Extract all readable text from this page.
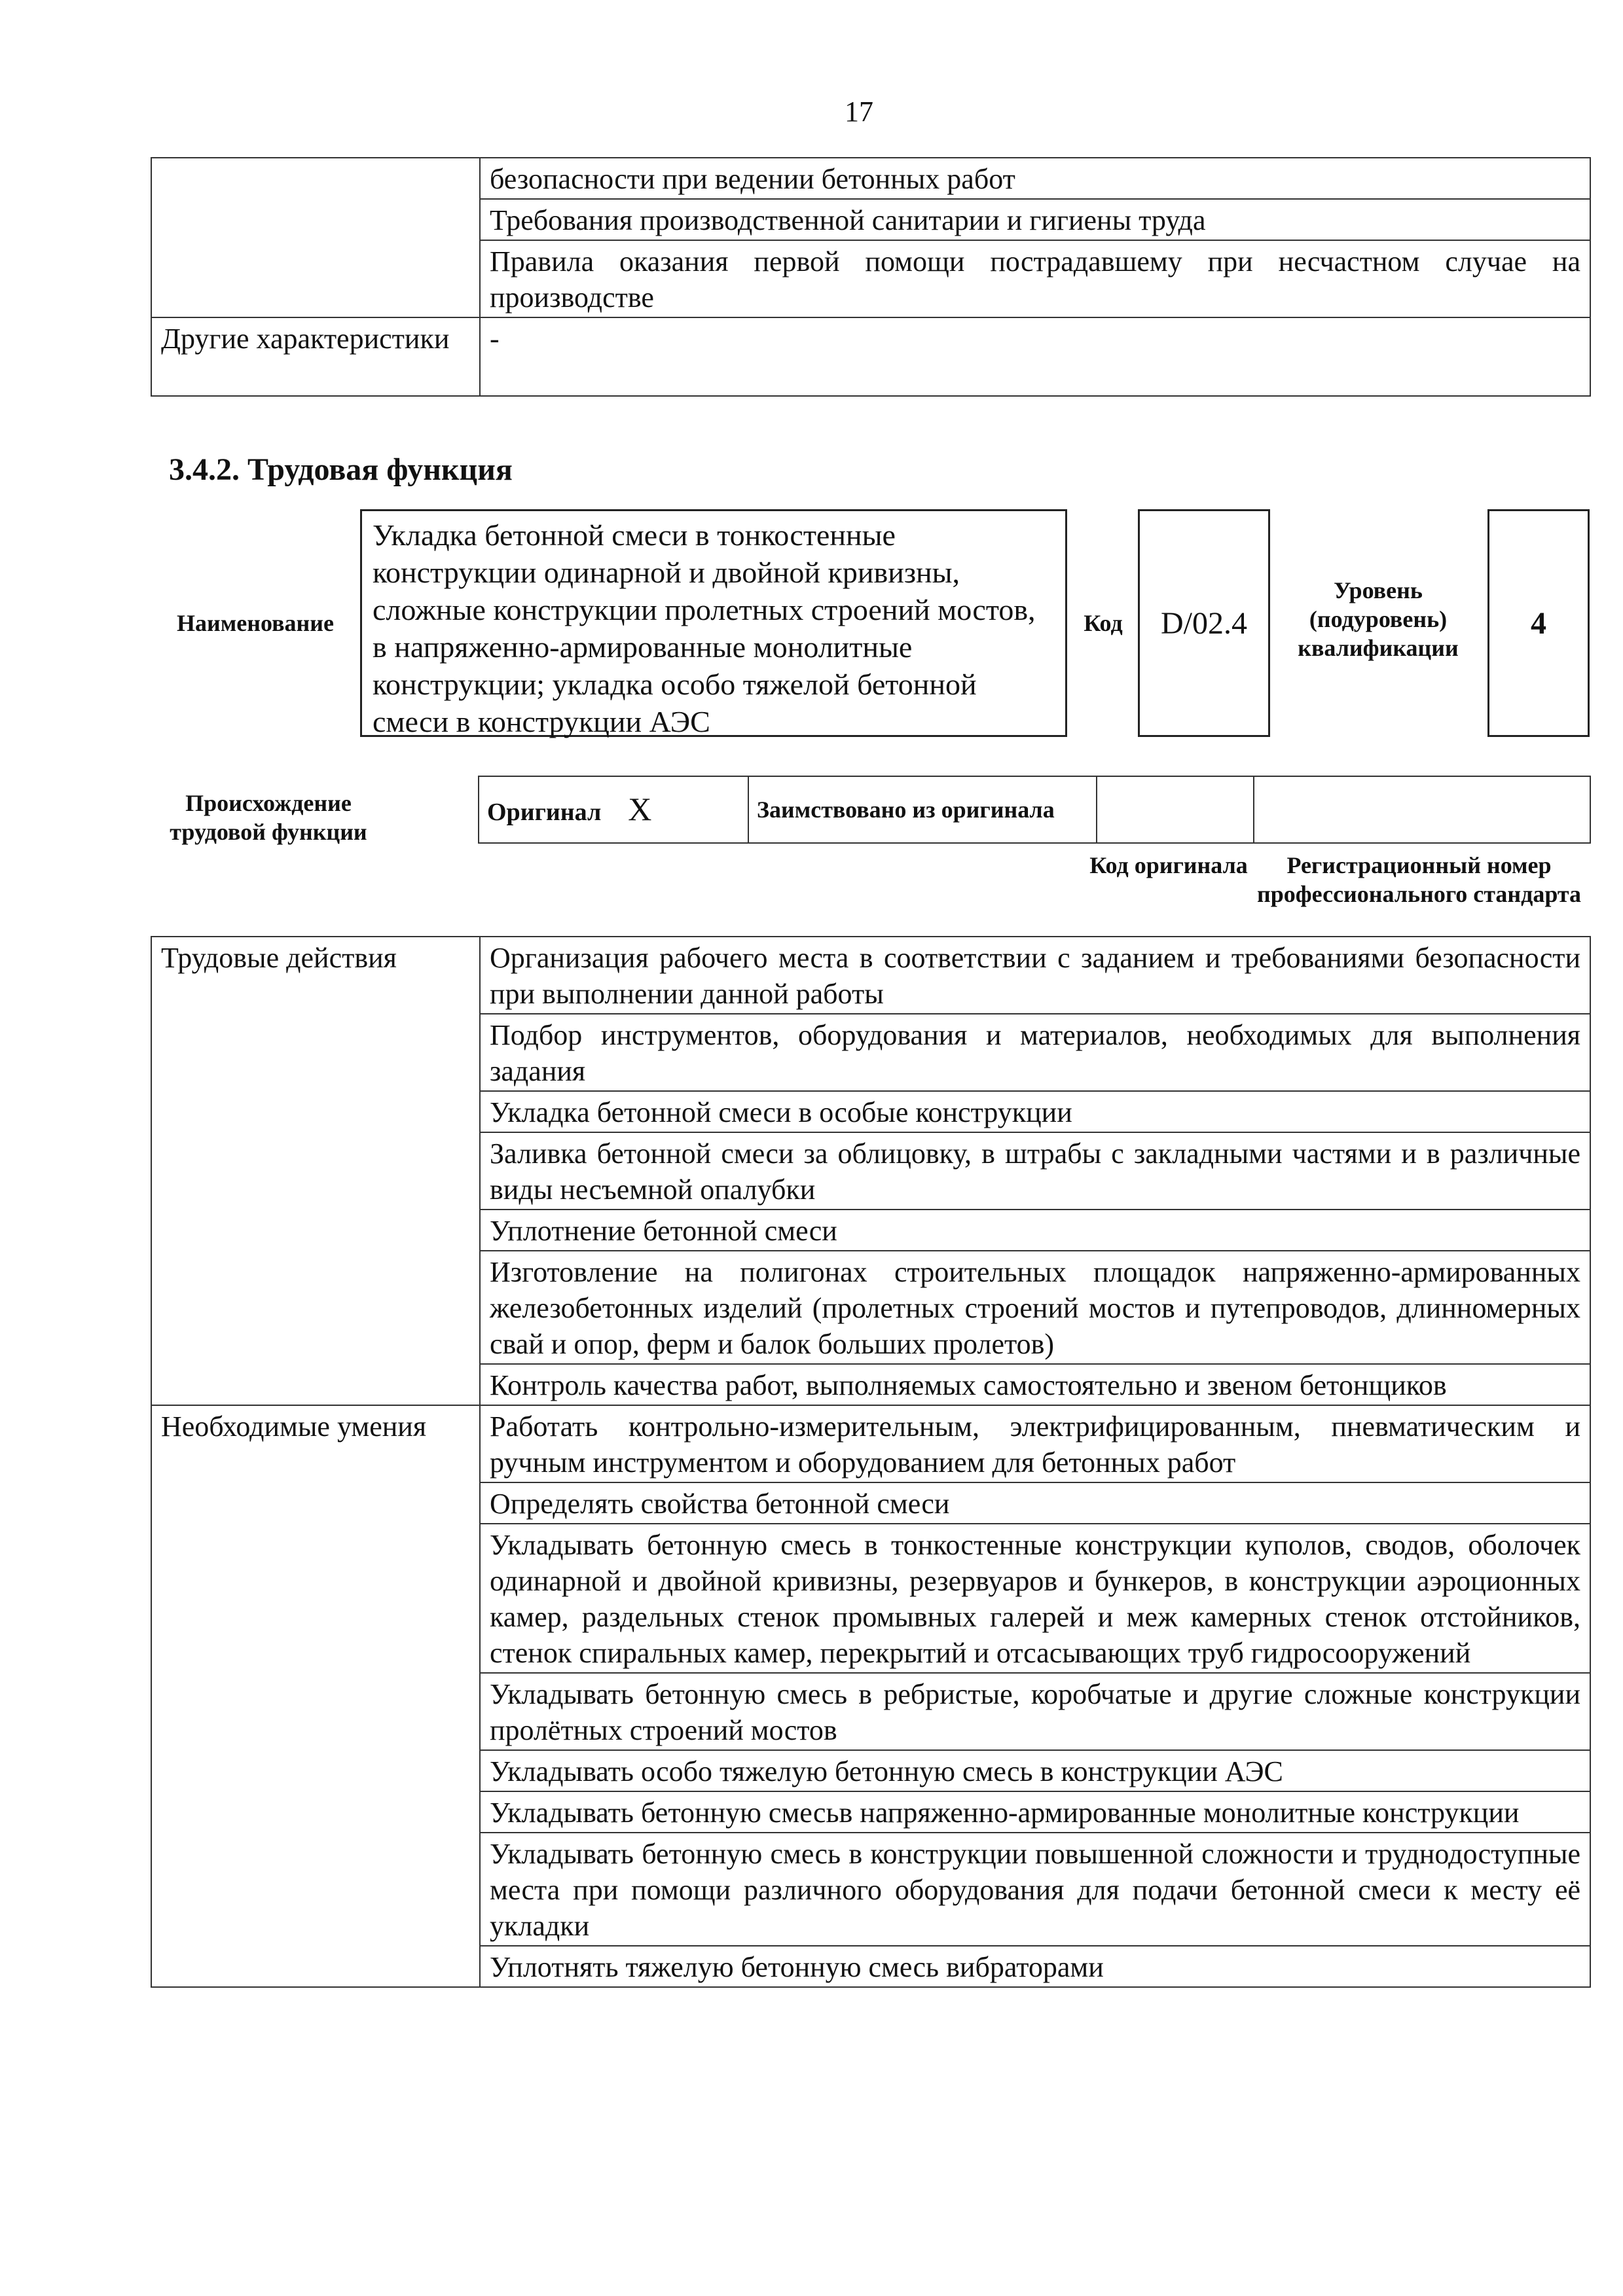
17
	безопасности при ведении бетонных работ
	Требования производственной санитарии и гигиены труда
	Правила оказания первой помощи пострадавшему при несчастном случае на производстве
Другие характеристики	-
3.4.2. Трудовая функция
Наименование
Укладка бетонной смеси в тонкостенные конструкции одинарной и двойной кривизны, сложные конструкции пролетных строений мостов, в напряженно-армированные монолитные конструкции; укладка особо тяжелой бетонной смеси в конструкции АЭС
Код	D/02.4
Уровень (подуровень) квалификации
4
Происхождение трудовой функции
Оригинал X	Заимствовано из оригинала		
Код оригинала	Регистрационный номер профессионального стандарта
Трудовые действия	Организация рабочего места в соответствии с заданием и требованиями безопасности при выполнении данной работы
	Подбор инструментов, оборудования и материалов, необходимых для выполнения задания
	Укладка бетонной смеси в особые конструкции
	Заливка бетонной смеси за облицовку, в штрабы с закладными частями и в различные виды несъемной опалубки
	Уплотнение бетонной смеси
	Изготовление на полигонах строительных площадок напряженно-армированных железобетонных изделий (пролетных строений мостов и путепроводов, длинномерных свай и опор, ферм и балок больших пролетов)
	Контроль качества работ, выполняемых самостоятельно и звеном бетонщиков
Необходимые умения	Работать контрольно-измерительным, электрифицированным, пневматическим и ручным инструментом и оборудованием для бетонных работ
	Определять свойства бетонной смеси
	Укладывать бетонную смесь в тонкостенные конструкции куполов, сводов, оболочек одинарной и двойной кривизны, резервуаров и бункеров, в конструкции аэроционных камер, раздельных стенок промывных галерей и меж камерных стенок отстойников, стенок спиральных камер, перекрытий и отсасывающих труб гидросооружений
	Укладывать бетонную смесь в ребристые, коробчатые и другие сложные конструкции пролётных строений мостов
	Укладывать особо тяжелую бетонную смесь в конструкции АЭС
	Укладывать бетонную смесьв напряженно-армированные монолитные конструкции
	Укладывать бетонную смесь в конструкции повышенной сложности и труднодоступные места при помощи различного оборудования для подачи бетонной смеси к месту её укладки
	Уплотнять тяжелую бетонную смесь вибраторами
